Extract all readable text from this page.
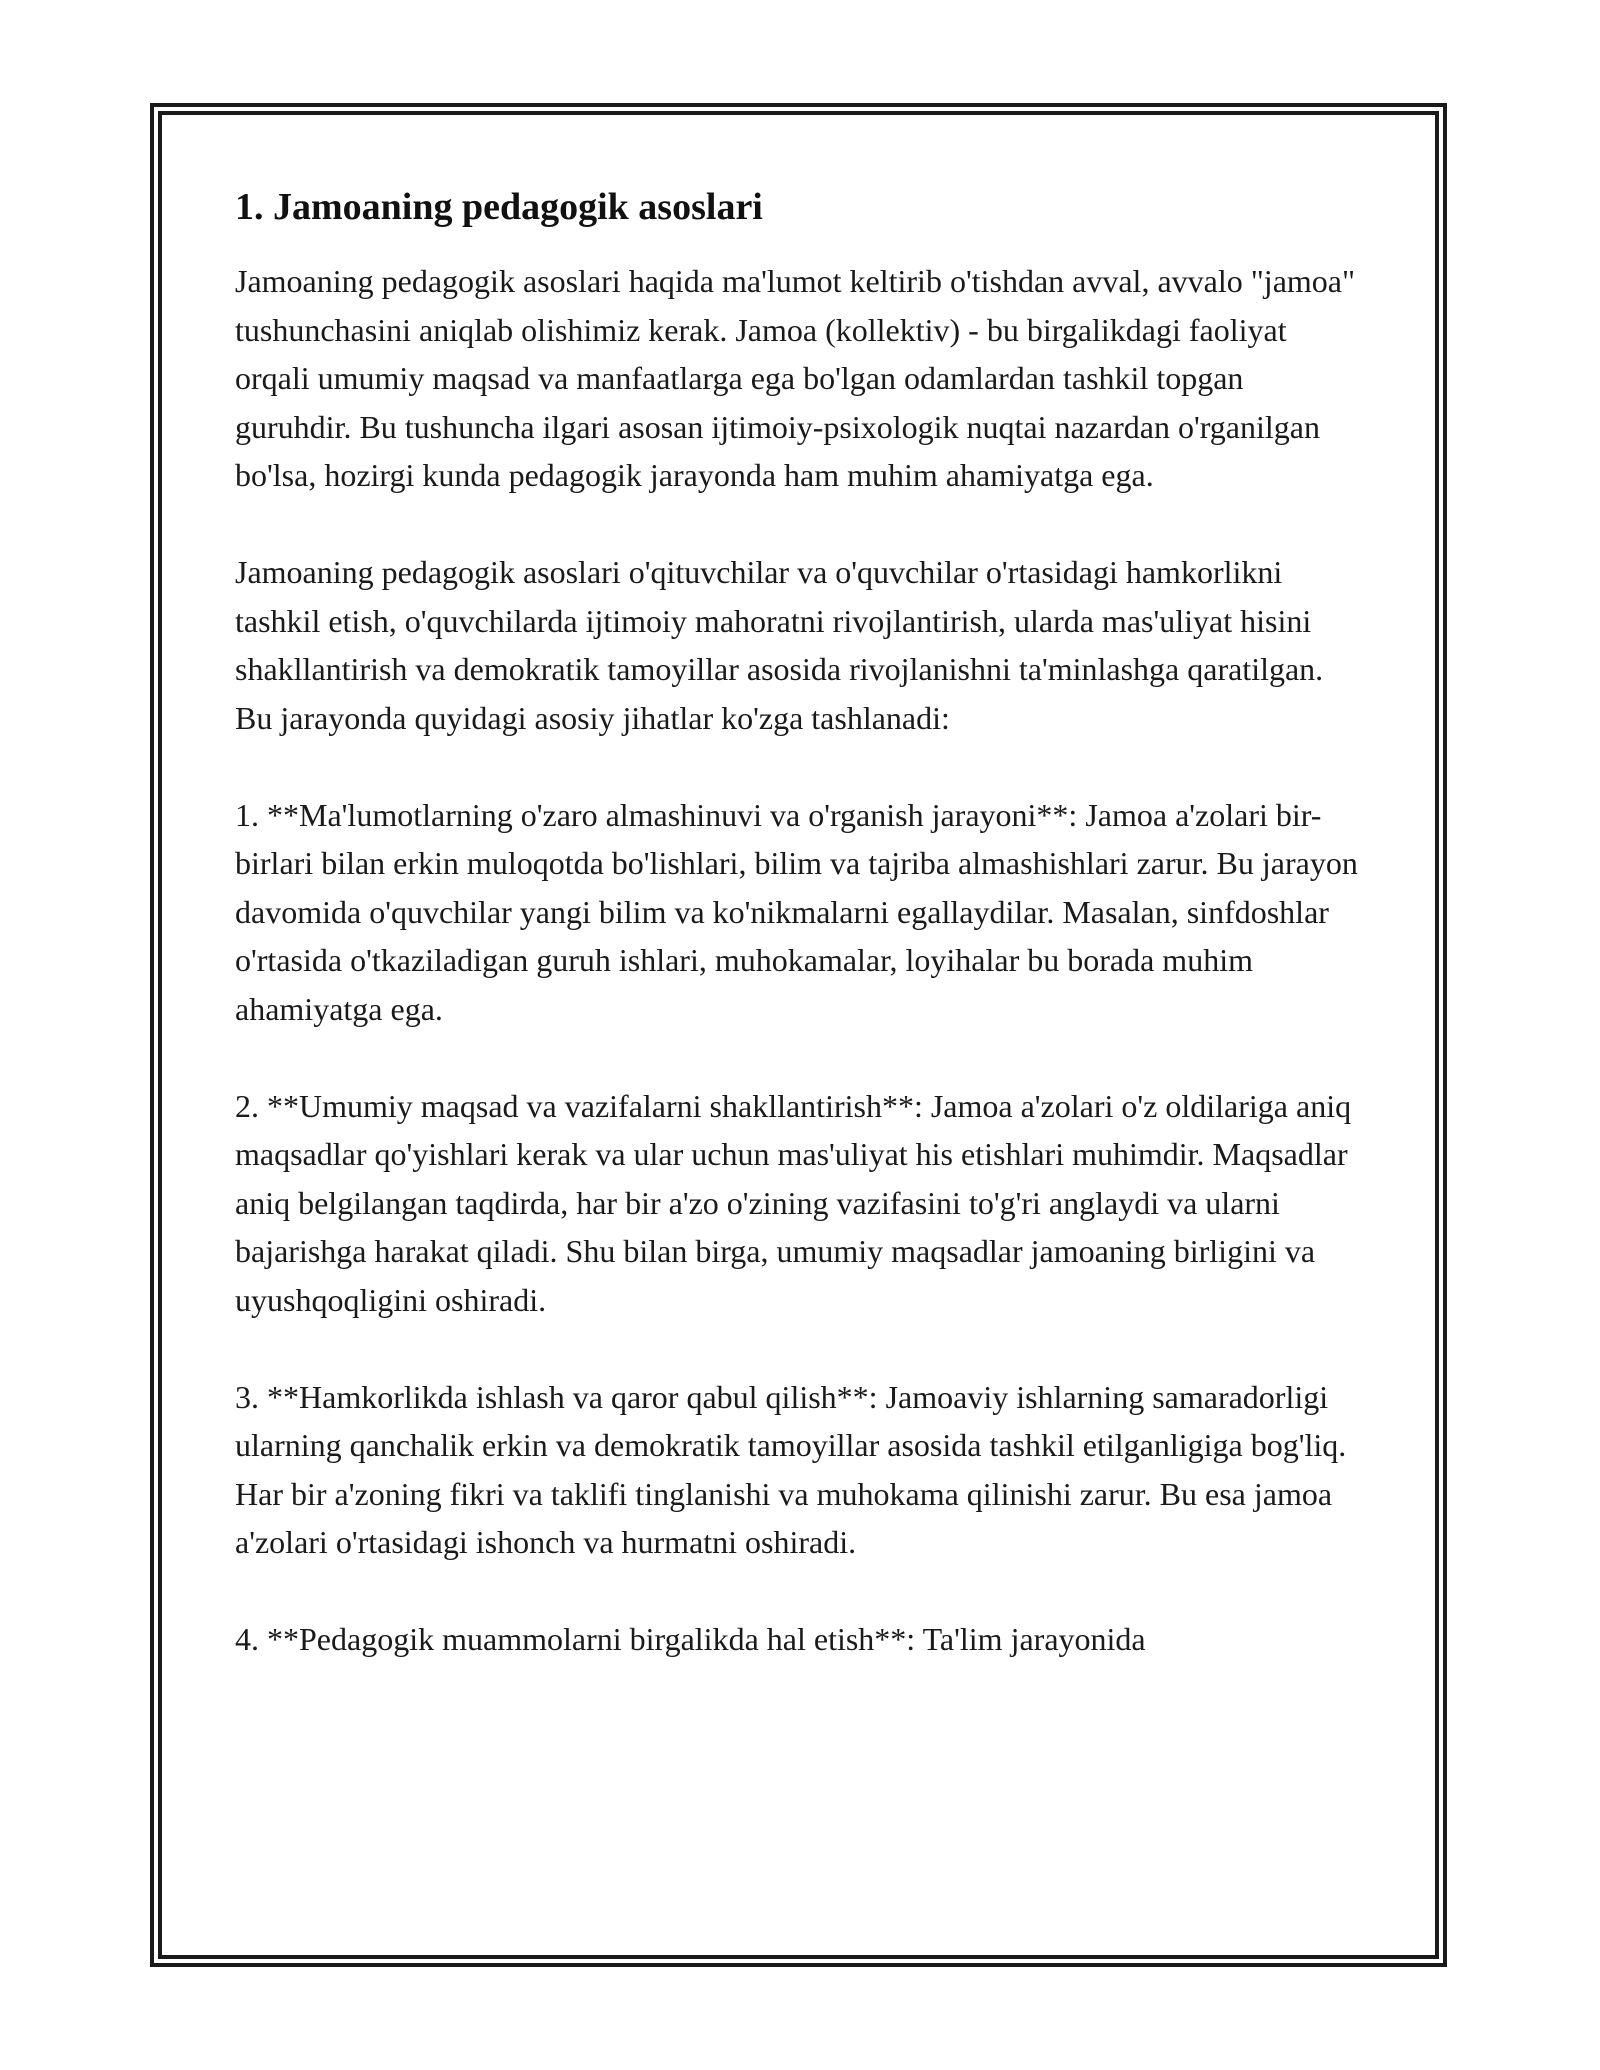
1. Jamoaning pedagogik asoslari

Jamoaning pedagogik asoslari haqida ma'lumot keltirib o'tishdan avval, avvalo "jamoa" tushunchasini aniqlab olishimiz kerak. Jamoa (kollektiv) - bu birgalikdagi faoliyat orqali umumiy maqsad va manfaatlarga ega bo'lgan odamlardan tashkil topgan guruhdir. Bu tushuncha ilgari asosan ijtimoiy-psixologik nuqtai nazardan o'rganilgan bo'lsa, hozirgi kunda pedagogik jarayonda ham muhim ahamiyatga ega.

Jamoaning pedagogik asoslari o'qituvchilar va o'quvchilar o'rtasidagi hamkorlikni tashkil etish, o'quvchilarda ijtimoiy mahoratni rivojlantirish, ularda mas'uliyat hisini shakllantirish va demokratik tamoyillar asosida rivojlanishni ta'minlashga qaratilgan. Bu jarayonda quyidagi asosiy jihatlar ko'zga tashlanadi:

1. **Ma'lumotlarning o'zaro almashinuvi va o'rganish jarayoni**: Jamoa a'zolari bir-birlari bilan erkin muloqotda bo'lishlari, bilim va tajriba almashishlari zarur. Bu jarayon davomida o'quvchilar yangi bilim va ko'nikmalarni egallaydilar. Masalan, sinfdoshlar o'rtasida o'tkaziladigan guruh ishlari, muhokamalar, loyihalar bu borada muhim ahamiyatga ega.

2. **Umumiy maqsad va vazifalarni shakllantirish**: Jamoa a'zolari o'z oldilariga aniq maqsadlar qo'yishlari kerak va ular uchun mas'uliyat his etishlari muhimdir. Maqsadlar aniq belgilangan taqdirda, har bir a'zo o'zining vazifasini to'g'ri anglaydi va ularni bajarishga harakat qiladi. Shu bilan birga, umumiy maqsadlar jamoaning birligini va uyushqoqligini oshiradi.

3. **Hamkorlikda ishlash va qaror qabul qilish**: Jamoaviy ishlarning samaradorligi ularning qanchalik erkin va demokratik tamoyillar asosida tashkil etilganligiga bog'liq. Har bir a'zoning fikri va taklifi tinglanishi va muhokama qilinishi zarur. Bu esa jamoa a'zolari o'rtasidagi ishonch va hurmatni oshiradi.

4. **Pedagogik muammolarni birgalikda hal etish**: Ta'lim jarayonida
